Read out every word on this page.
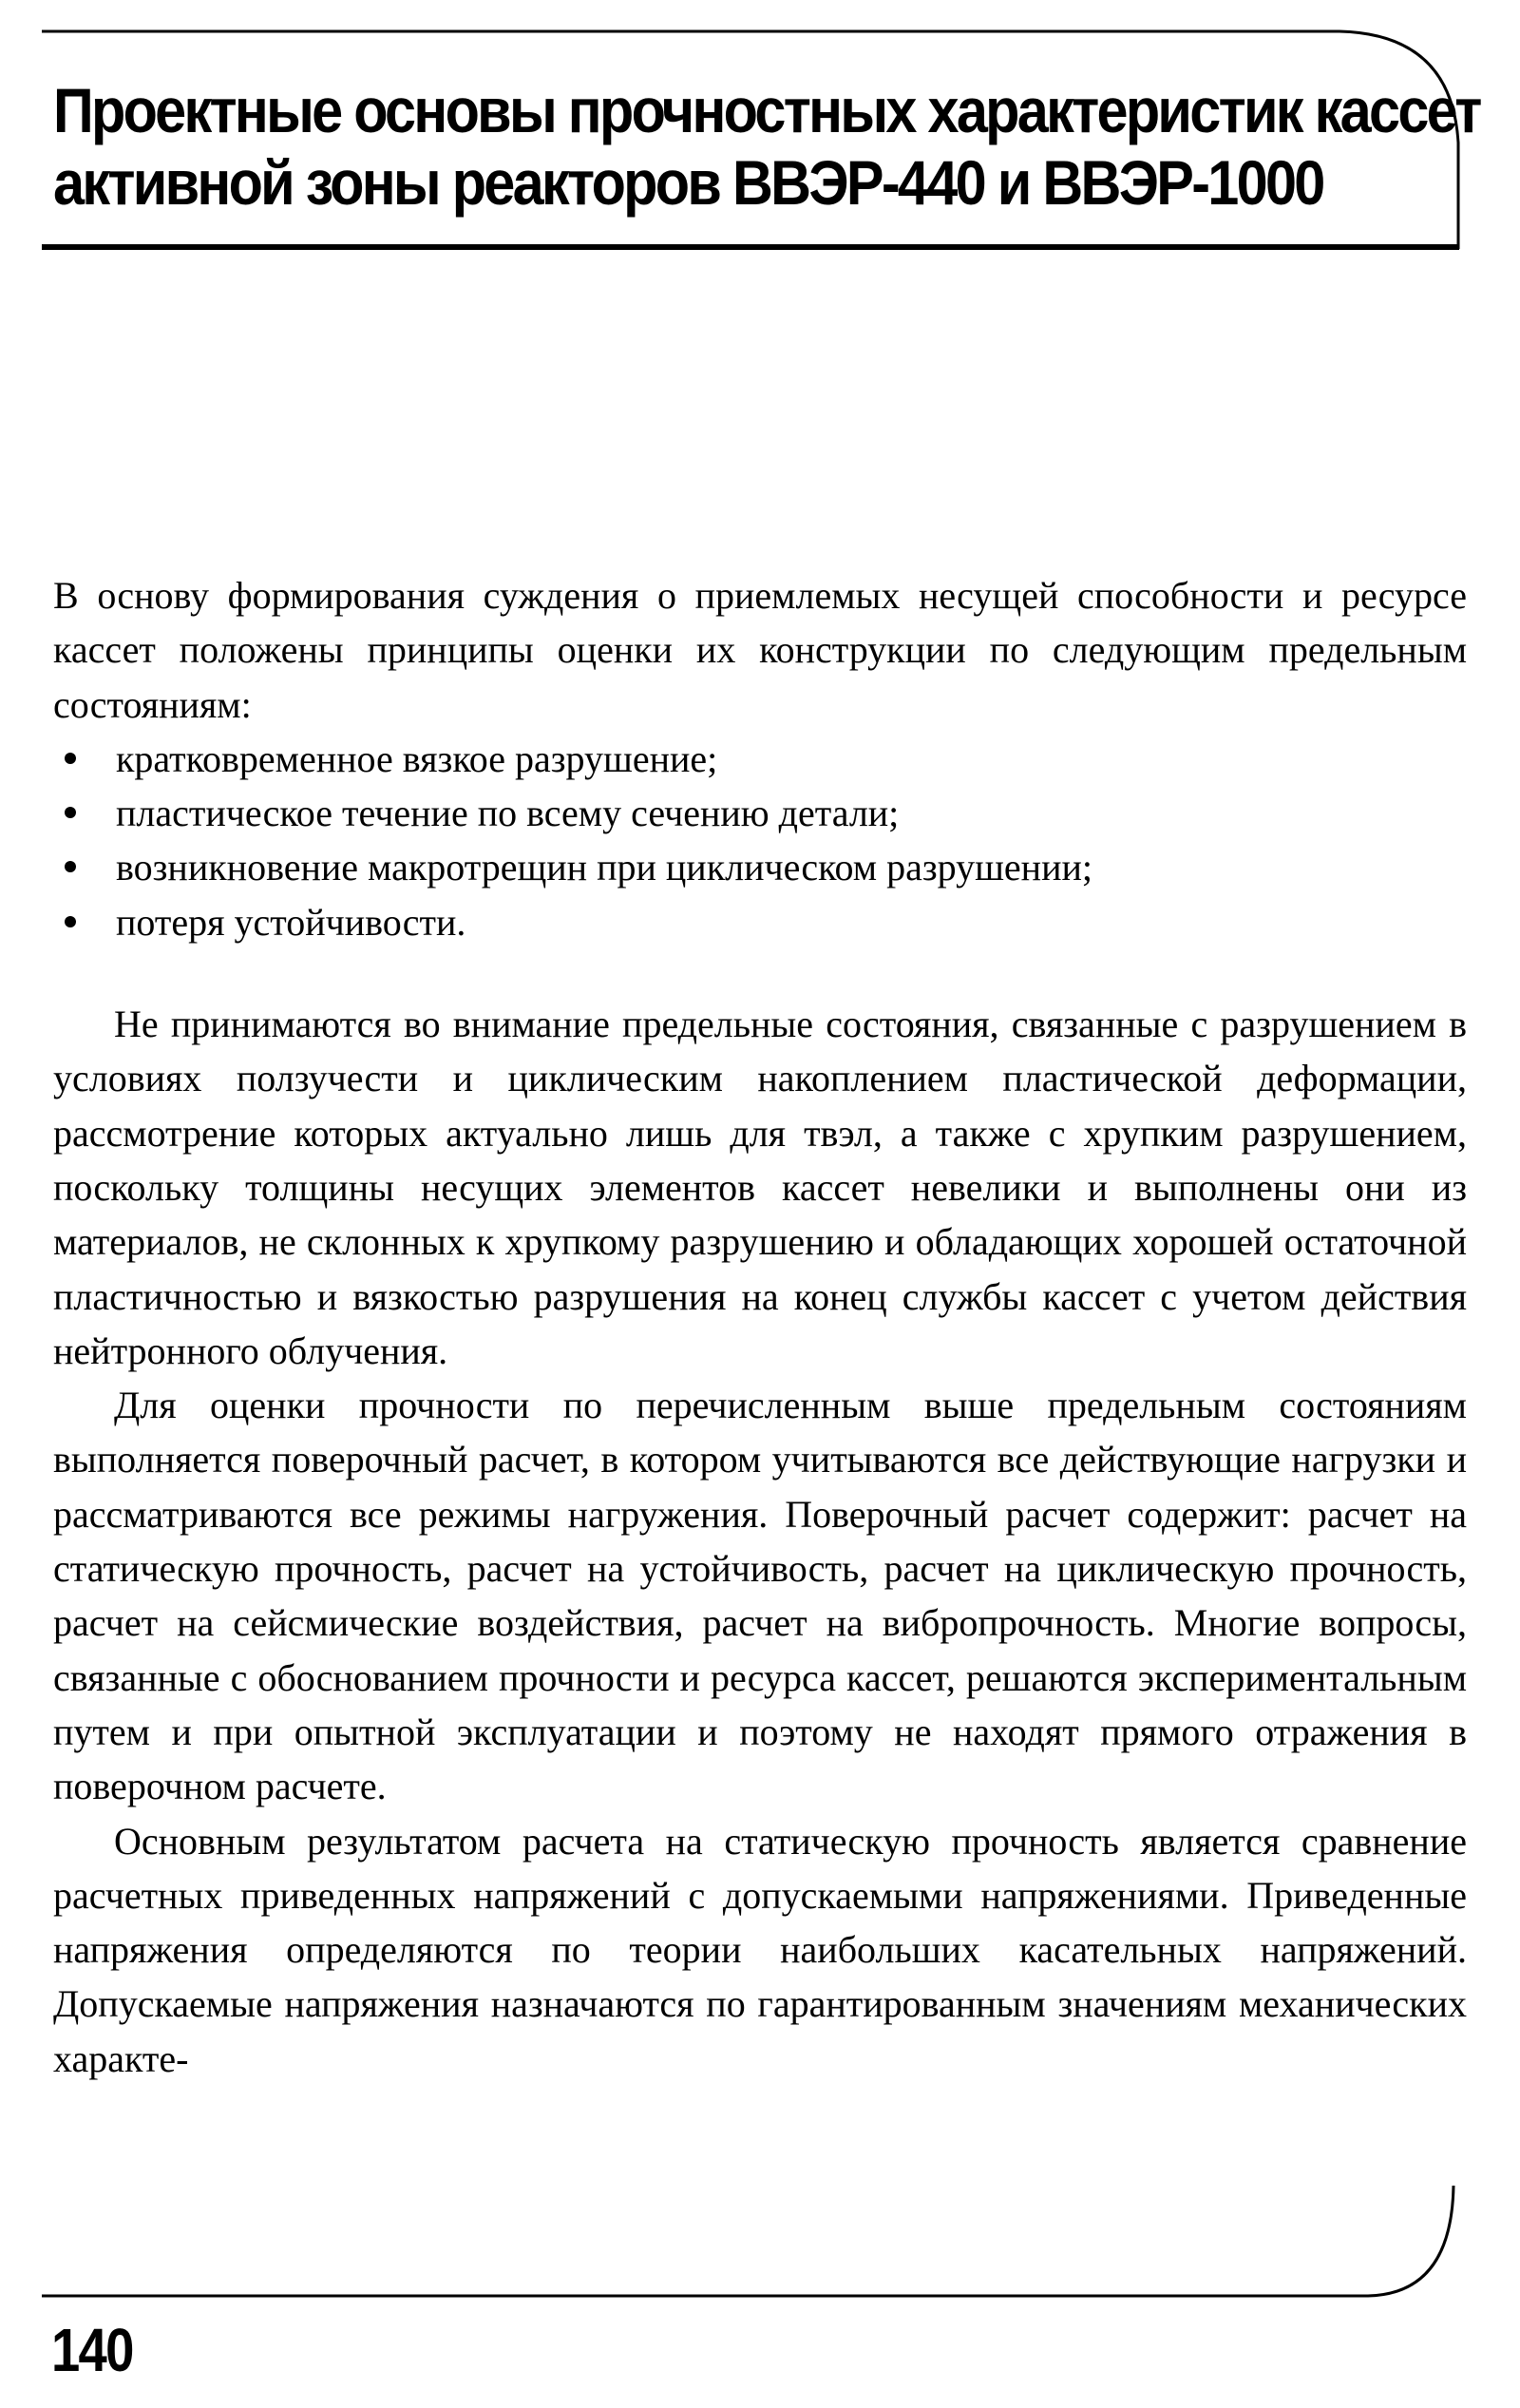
Проектные основы прочностных характеристик кассет
активной зоны реакторов ВВЭР-440 и ВВЭР-1000

В основу формирования суждения о приемлемых несущей способности и ресурсе кассет положены принципы оценки их конструкции по следующим предельным состояниям:

кратковременное вязкое разрушение;
пластическое течение по всему сечению детали;
возникновение макротрещин при циклическом разрушении;
потеря устойчивости.

Не принимаются во внимание предельные состояния, связанные с разрушением в условиях ползучести и циклическим накоплением пластической деформации, рассмотрение которых актуально лишь для твэл, а также с хрупким разрушением, поскольку толщины несущих элементов кассет невелики и выполнены они из материалов, не склонных к хрупкому разрушению и обладающих хорошей остаточной пластичностью и вязкостью разрушения на конец службы кассет с учетом действия нейтронного облучения.

Для оценки прочности по перечисленным выше предельным состояниям выполняется поверочный расчет, в котором учитываются все действующие нагрузки и рассматриваются все режимы нагружения. Поверочный расчет содержит: расчет на статическую прочность, расчет на устойчивость, расчет на циклическую прочность, расчет на сейсмические воздействия, расчет на вибропрочность. Многие вопросы, связанные с обоснованием прочности и ресурса кассет, решаются экспериментальным путем и при опытной эксплуатации и поэтому не находят прямого отражения в поверочном расчете.

Основным результатом расчета на статическую прочность является сравнение расчетных приведенных напряжений с допускаемыми напряжениями. Приведенные напряжения определяются по теории наибольших касательных напряжений. Допускаемые напряжения назначаются по гарантированным значениям механических характе-

140
